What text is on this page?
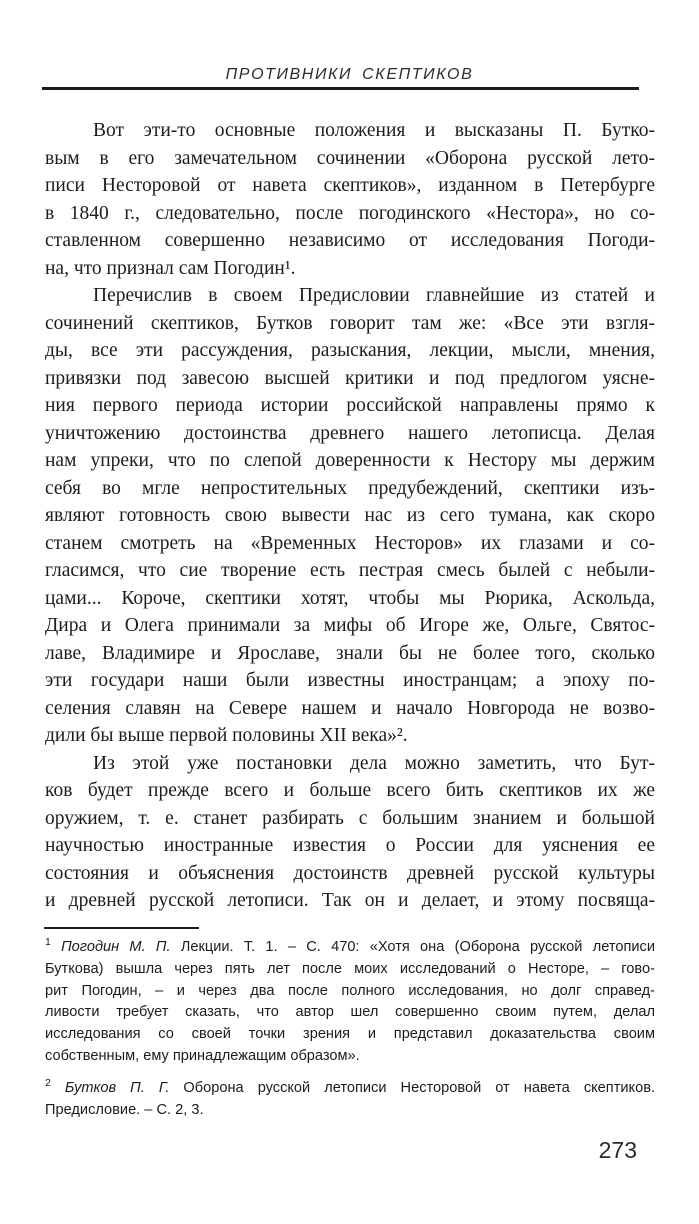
ПРОТИВНИКИ СКЕПТИКОВ
Вот эти-то основные положения и высказаны П. Бутко-
вым в его замечательном сочинении «Оборона русской лето-
писи Несторовой от навета скептиков», изданном в Петербурге
в 1840 г., следовательно, после погодинского «Нестора», но со-
ставленном совершенно независимо от исследования Погоди-
на, что признал сам Погодин¹.
Перечислив в своем Предисловии главнейшие из статей и
сочинений скептиков, Бутков говорит там же: «Все эти взгля-
ды, все эти рассуждения, разыскания, лекции, мысли, мнения,
привязки под завесою высшей критики и под предлогом уясне-
ния первого периода истории российской направлены прямо к
уничтожению достоинства древнего нашего летописца. Делая
нам упреки, что по слепой доверенности к Нестору мы держим
себя во мгле непростительных предубеждений, скептики изъ-
являют готовность свою вывести нас из сего тумана, как скоро
станем смотреть на «Временных Несторов» их глазами и со-
гласимся, что сие творение есть пестрая смесь былей с небыли-
цами... Короче, скептики хотят, чтобы мы Рюрика, Аскольда,
Дира и Олега принимали за мифы об Игоре же, Ольге, Святос-
лаве, Владимире и Ярославе, знали бы не более того, сколько
эти государи наши были известны иностранцам; а эпоху по-
селения славян на Севере нашем и начало Новгорода не возво-
дили бы выше первой половины XII века»².
Из этой уже постановки дела можно заметить, что Бут-
ков будет прежде всего и больше всего бить скептиков их же
оружием, т. е. станет разбирать с большим знанием и большой
научностью иностранные известия о России для уяснения ее
состояния и объяснения достоинств древней русской культуры
и древней русской летописи. Так он и делает, и этому посвяща-
$^1$ Погодин М. П. Лекции. Т. 1. – С. 470: «Хотя она (Оборона русской летописи
Буткова) вышла через пять лет после моих исследований о Несторе, – гово-
рит Погодин, – и через два после полного исследования, но долг справед-
ливости требует сказать, что автор шел совершенно своим путем, делал
исследования со своей точки зрения и представил доказательства своим
собственным, ему принадлежащим образом».
$^2$ Бутков П. Г. Оборона русской летописи Несторовой от навета скептиков.
Предисловие. – С. 2, 3.
273
